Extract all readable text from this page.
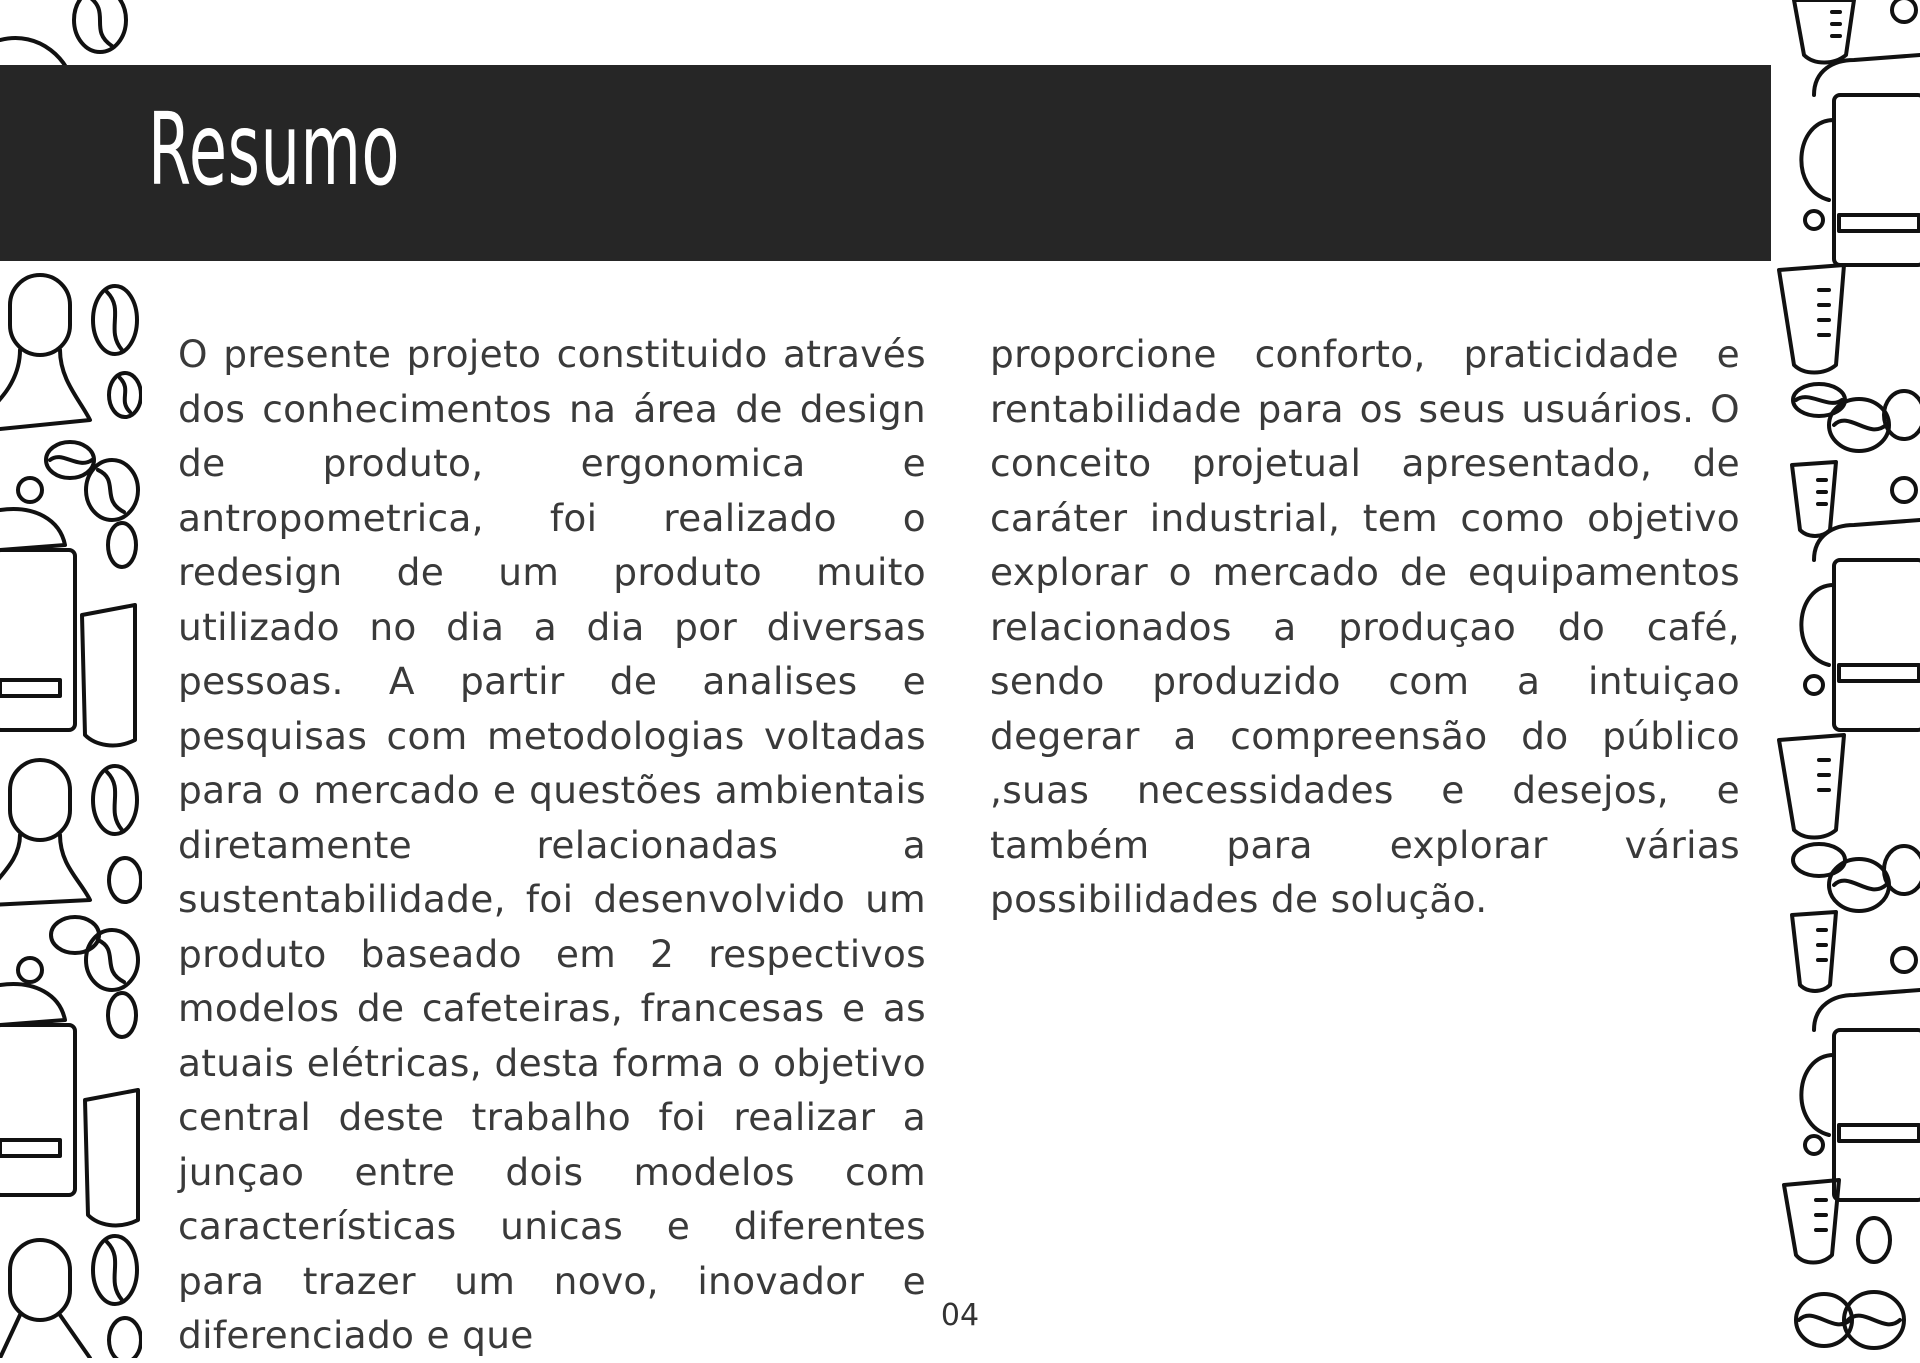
Resumo

O presente projeto constituido através dos conhecimentos na área de design de produto, ergonomica e antropometrica, foi realizado o redesign de um produto muito utilizado no dia a dia por diversas pessoas. A partir de analises e pesquisas com metodologias voltadas para o mercado e questões ambientais diretamente relacionadas a sustentabilidade, foi desenvolvido um produto baseado em 2 respectivos modelos de cafeteiras, francesas e as atuais elétricas, desta forma o objetivo central deste trabalho foi realizar a junçao entre dois modelos com características unicas e diferentes para trazer um novo, inovador e diferenciado e que

proporcione conforto, praticidade e rentabilidade para os seus usuários. O conceito projetual apresentado, de caráter industrial, tem como objetivo explorar o mercado de equipamentos relacionados a produçao do café, sendo produzido com a intuiçao degerar a compreensão do público ,suas necessidades e desejos, e também para explorar várias possibilidades de solução.

04
